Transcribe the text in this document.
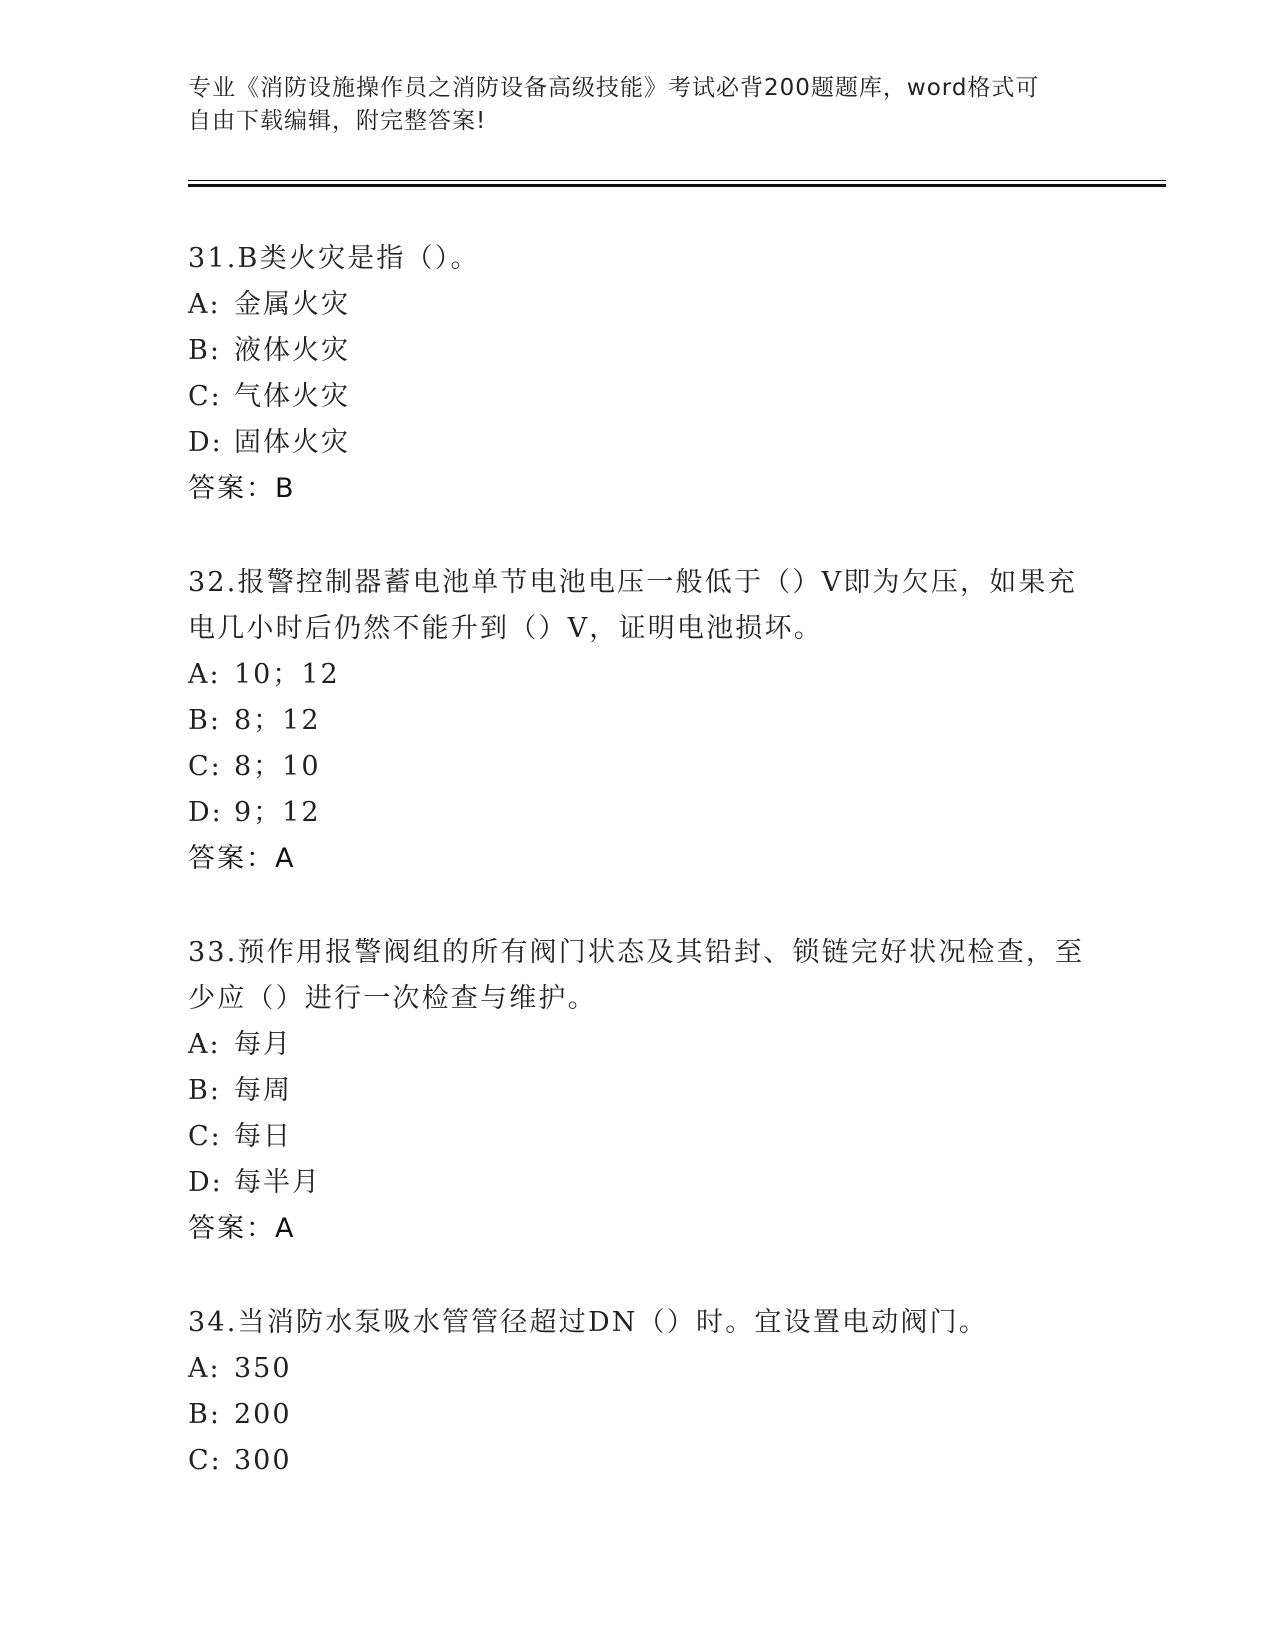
专业《消防设施操作员之消防设备高级技能》考试必背200题题库，word格式可
自由下载编辑，附完整答案!
31.B类火灾是指（）。
A: 金属火灾
B: 液体火灾
C: 气体火灾
D: 固体火灾
答案：B
32.报警控制器蓄电池单节电池电压一般低于（）V即为欠压，如果充
电几小时后仍然不能升到（）V，证明电池损坏。
A: 10；12
B: 8；12
C: 8；10
D: 9；12
答案：A
33.预作用报警阀组的所有阀门状态及其铅封、锁链完好状况检查，至
少应（）进行一次检查与维护。
A: 每月
B: 每周
C: 每日
D: 每半月
答案：A
34.当消防水泵吸水管管径超过DN（）时。宜设置电动阀门。
A: 350
B: 200
C: 300
